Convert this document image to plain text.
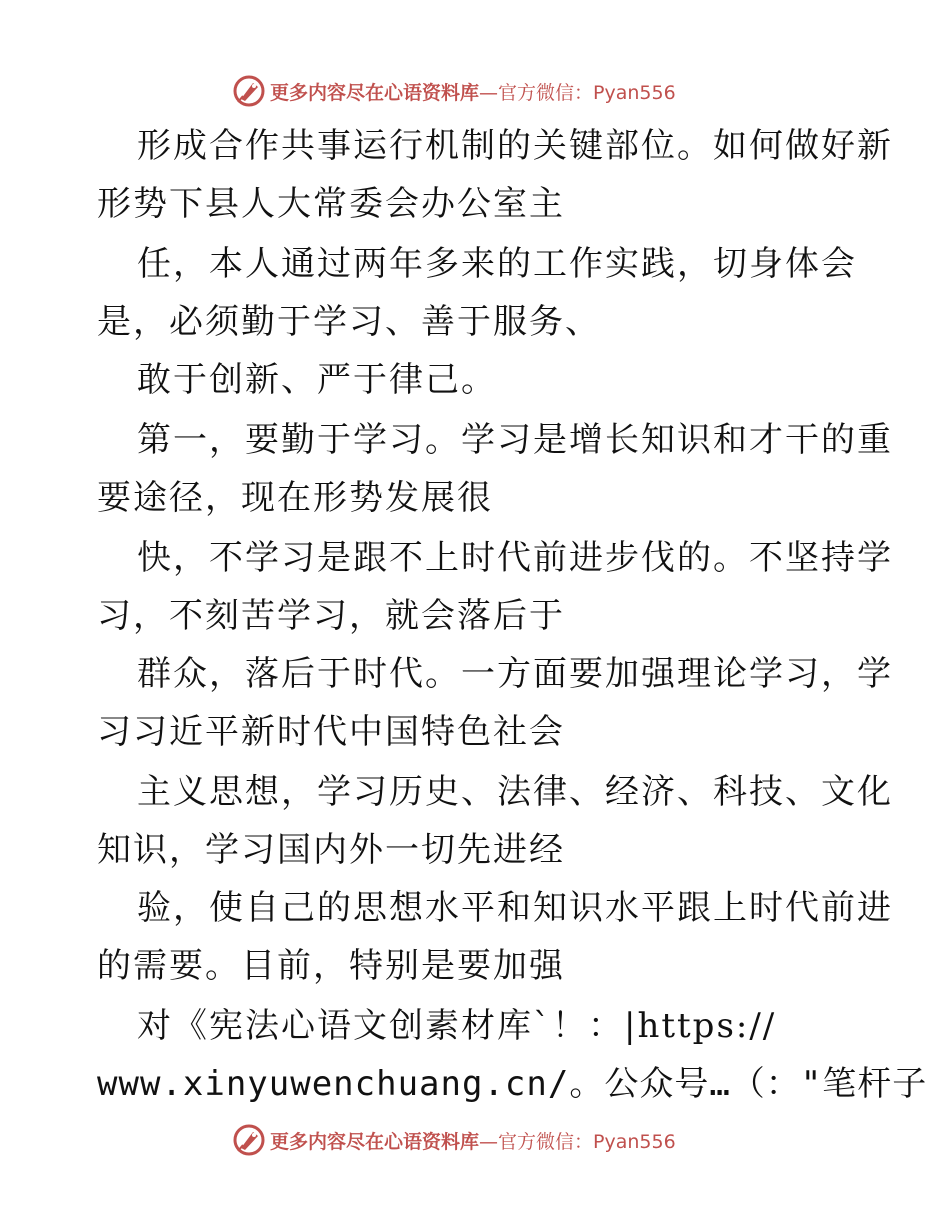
更多内容尽在心语资料库—官方微信：Pyan556
形成合作共事运行机制的关键部位。如何做好新
形势下县人大常委会办公室主
任，本人通过两年多来的工作实践，切身体会
是，必须勤于学习、善于服务、
敢于创新、严于律己。
第一，要勤于学习。学习是增长知识和才干的重
要途径，现在形势发展很
快，不学习是跟不上时代前进步伐的。不坚持学
习，不刻苦学习，就会落后于
群众，落后于时代。一方面要加强理论学习，学
习习近平新时代中国特色社会
主义思想，学习历史、法律、经济、科技、文化
知识，学习国内外一切先进经
验，使自己的思想水平和知识水平跟上时代前进
的需要。目前，特别是要加强
对《宪法心语文创素材库`！：|https://
www.xinyuwenchuang.cn/。公众号…（："笔杆子
更多内容尽在心语资料库—官方微信：Pyan556
